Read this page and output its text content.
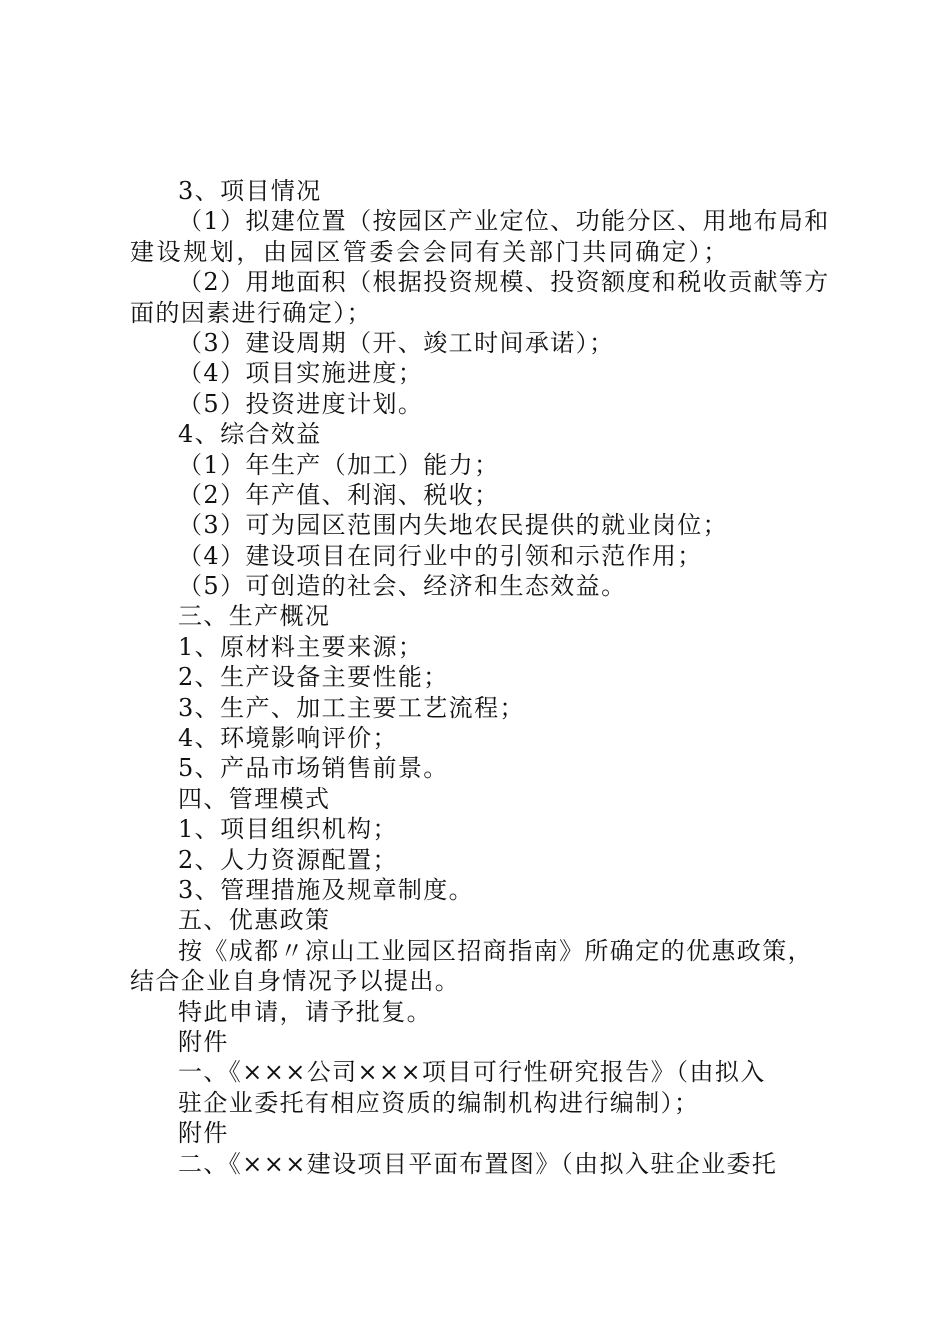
3、项目情况
（1）拟建位置（按园区产业定位、功能分区、用地布局和
建设规划，由园区管委会会同有关部门共同确定）；
（2）用地面积（根据投资规模、投资额度和税收贡献等方
面的因素进行确定）；
（3）建设周期（开、竣工时间承诺）；
（4）项目实施进度；
（5）投资进度计划。
4、综合效益
（1）年生产（加工）能力；
（2）年产值、利润、税收；
（3）可为园区范围内失地农民提供的就业岗位；
（4）建设项目在同行业中的引领和示范作用；
（5）可创造的社会、经济和生态效益。
三、生产概况
1、原材料主要来源；
2、生产设备主要性能；
3、生产、加工主要工艺流程；
4、环境影响评价；
5、产品市场销售前景。
四、管理模式
1、项目组织机构；
2、人力资源配置；
3、管理措施及规章制度。
五、优惠政策
按《成都〃凉山工业园区招商指南》所确定的优惠政策，
结合企业自身情况予以提出。
特此申请，请予批复。
附件
一、《×××公司×××项目可行性研究报告》（由拟入
驻企业委托有相应资质的编制机构进行编制）；
附件
二、《×××建设项目平面布置图》（由拟入驻企业委托
